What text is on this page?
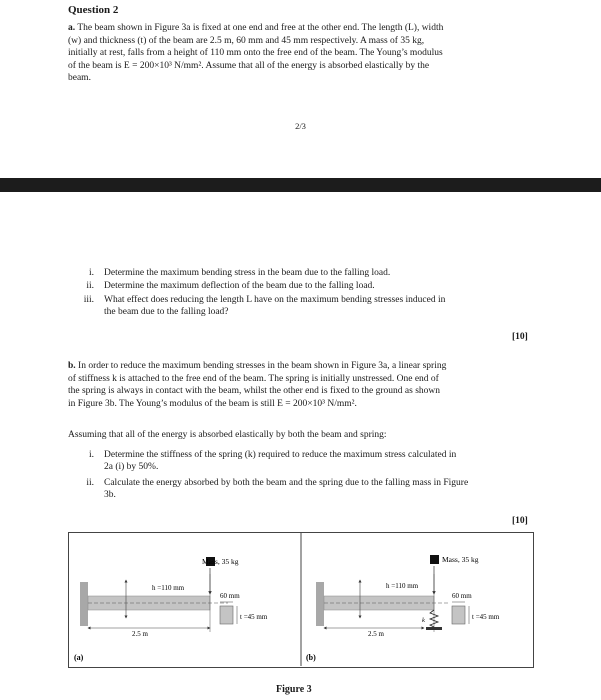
Question 2
a. The beam shown in Figure 3a is fixed at one end and free at the other end. The length (L), width
(w) and thickness (t) of the beam are 2.5 m, 60 mm and 45 mm respectively. A mass of 35 kg,
initially at rest, falls from a height of 110 mm onto the free end of the beam. The Young’s modulus
of the beam is E = 200×10³ N/mm². Assume that all of the energy is absorbed elastically by the
beam.
2/3
i. Determine the maximum bending stress in the beam due to the falling load.
ii. Determine the maximum deflection of the beam due to the falling load.
iii. What effect does reducing the length L have on the maximum bending stresses induced in
the beam due to the falling load?
[10]
b. In order to reduce the maximum bending stresses in the beam shown in Figure 3a, a linear spring
of stiffness k is attached to the free end of the beam. The spring is initially unstressed. One end of
the spring is always in contact with the beam, whilst the other end is fixed to the ground as shown
in Figure 3b. The Young’s modulus of the beam is still E = 200×10³ N/mm².
Assuming that all of the energy is absorbed elastically by both the beam and spring:
i. Determine the stiffness of the spring (k) required to reduce the maximum stress calculated in
2a (i) by 50%.
ii. Calculate the energy absorbed by both the beam and the spring due to the falling mass in Figure
3b.
[10]
Mass, 35 kg
h =110 mm
60 mm
t =45 mm
2.5 m
(a)
Mass, 35 kg
h =110 mm
60 mm
t =45 mm
k
2.5 m
(b)
Figure 3
